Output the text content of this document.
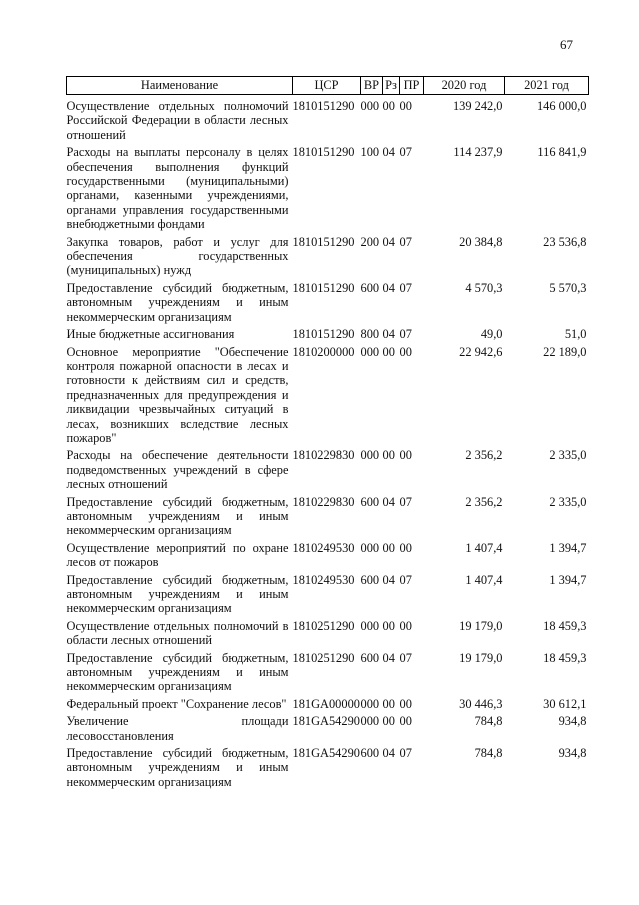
67
Наименование	ЦСР	ВР	Рз	ПР	2020 год	2021 год
Осуществление отдельных полномочий Российской Федерации в области лесных отношений	1810151290	000	00	00	139 242,0	146 000,0
Расходы на выплаты персоналу в целях обеспечения выполнения функций государственными (муниципальными) органами, казенными учреждениями, органами управления государственными внебюджетными фондами	1810151290	100	04	07	114 237,9	116 841,9
Закупка товаров, работ и услуг для обеспечения государственных (муниципальных) нужд	1810151290	200	04	07	20 384,8	23 536,8
Предоставление субсидий бюджетным, автономным учреждениям и иным некоммерческим организациям	1810151290	600	04	07	4 570,3	5 570,3
Иные бюджетные ассигнования	1810151290	800	04	07	49,0	51,0
Основное мероприятие "Обеспечение контроля пожарной опасности в лесах и готовности к действиям сил и средств, предназначенных для предупреждения и ликвидации чрезвычайных ситуаций в лесах, возникших вследствие лесных пожаров"	1810200000	000	00	00	22 942,6	22 189,0
Расходы на обеспечение деятельности подведомственных учреждений в сфере лесных отношений	1810229830	000	00	00	2 356,2	2 335,0
Предоставление субсидий бюджетным, автономным учреждениям и иным некоммерческим организациям	1810229830	600	04	07	2 356,2	2 335,0
Осуществление мероприятий по охране лесов от пожаров	1810249530	000	00	00	1 407,4	1 394,7
Предоставление субсидий бюджетным, автономным учреждениям и иным некоммерческим организациям	1810249530	600	04	07	1 407,4	1 394,7
Осуществление отдельных полномочий в области лесных отношений	1810251290	000	00	00	19 179,0	18 459,3
Предоставление субсидий бюджетным, автономным учреждениям и иным некоммерческим организациям	1810251290	600	04	07	19 179,0	18 459,3
Федеральный проект "Сохранение лесов"	181GA00000	000	00	00	30 446,3	30 612,1
Увеличение площади лесовосстановления	181GA54290	000	00	00	784,8	934,8
Предоставление субсидий бюджетным, автономным учреждениям и иным некоммерческим организациям	181GA54290	600	04	07	784,8	934,8
